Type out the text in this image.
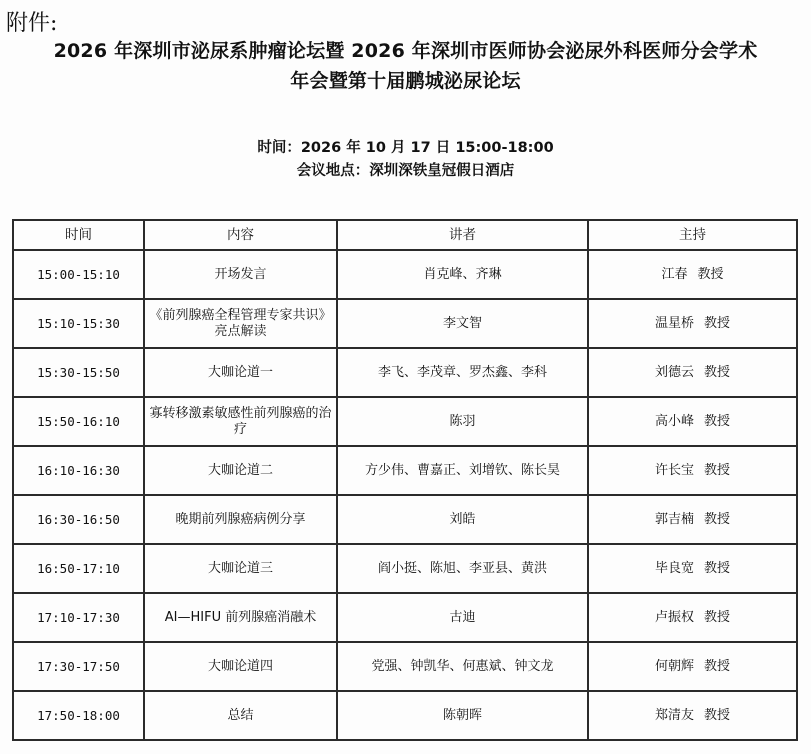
附件:
2026 年深圳市泌尿系肿瘤论坛暨 2026 年深圳市医师协会泌尿外科医师分会学术
年会暨第十届鹏城泌尿论坛
时间：2026 年 10 月 17 日 15:00-18:00
会议地点：深圳深铁皇冠假日酒店
时间	内容	讲者	主持
15:00-15:10	开场发言	肖克峰、齐琳	江春 教授
15:10-15:30	《前列腺癌全程管理专家共识》亮点解读	李文智	温星桥 教授
15:30-15:50	大咖论道一	李飞、李茂章、罗杰鑫、李科	刘德云 教授
15:50-16:10	寡转移激素敏感性前列腺癌的治疗	陈羽	高小峰 教授
16:10-16:30	大咖论道二	方少伟、曹嘉正、刘增钦、陈长昊	许长宝 教授
16:30-16:50	晚期前列腺癌病例分享	刘皓	郭吉楠 教授
16:50-17:10	大咖论道三	阎小挺、陈旭、李亚县、黄洪	毕良宽 教授
17:10-17:30	AI—HIFU 前列腺癌消融术	古迪	卢振权 教授
17:30-17:50	大咖论道四	党强、钟凯华、何惠斌、钟文龙	何朝辉 教授
17:50-18:00	总结	陈朝晖	郑清友 教授
